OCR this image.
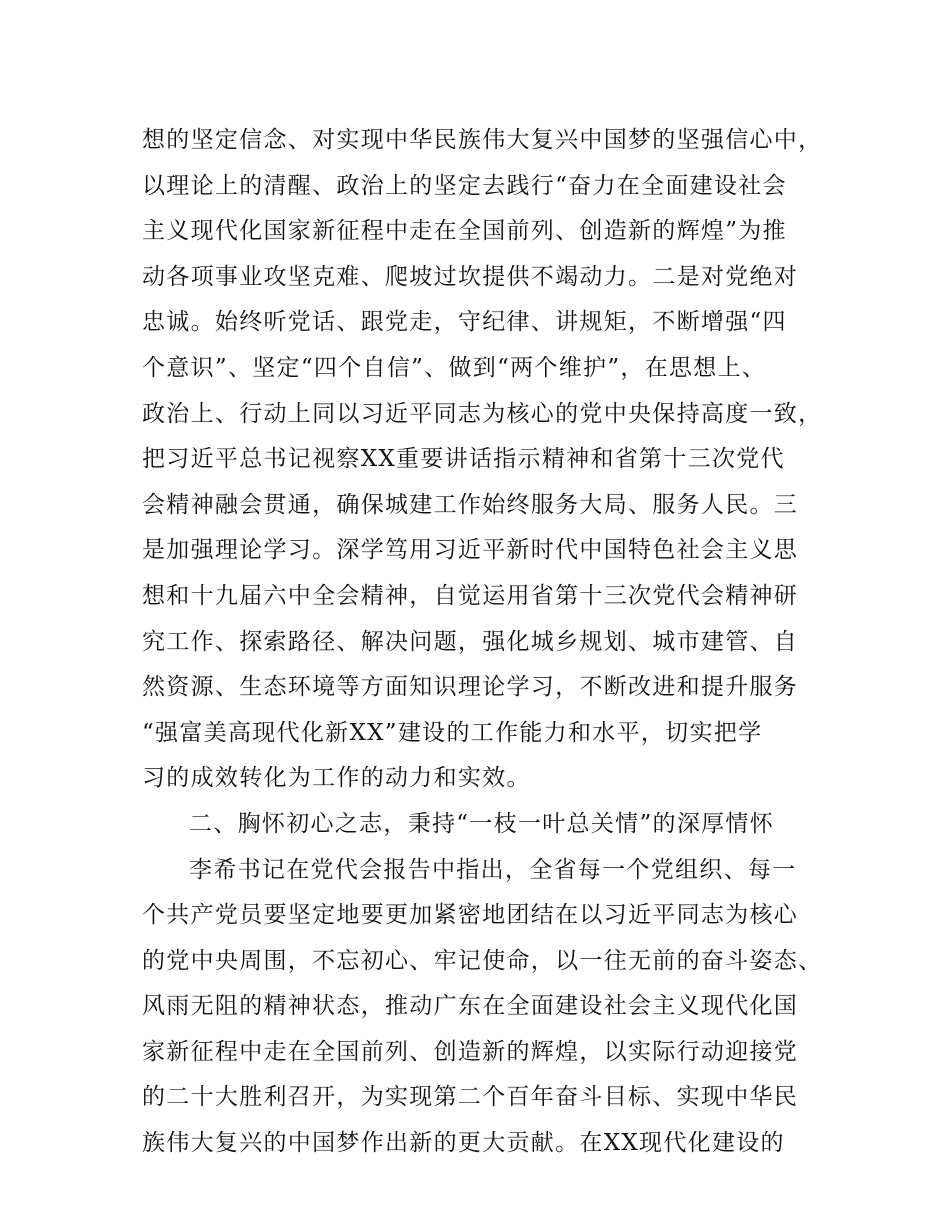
想的坚定信念、对实现中华民族伟大复兴中国梦的坚强信心中，
以理论上的清醒、政治上的坚定去践行“奋力在全面建设社会
主义现代化国家新征程中走在全国前列、创造新的辉煌”为推
动各项事业攻坚克难、爬坡过坎提供不竭动力。二是对党绝对
忠诚。始终听党话、跟党走，守纪律、讲规矩，不断增强“四
个意识”、坚定“四个自信”、做到“两个维护”，在思想上、
政治上、行动上同以习近平同志为核心的党中央保持高度一致，
把习近平总书记视察XX重要讲话指示精神和省第十三次党代
会精神融会贯通，确保城建工作始终服务大局、服务人民。三
是加强理论学习。深学笃用习近平新时代中国特色社会主义思
想和十九届六中全会精神，自觉运用省第十三次党代会精神研
究工作、探索路径、解决问题，强化城乡规划、城市建管、自
然资源、生态环境等方面知识理论学习，不断改进和提升服务
“强富美高现代化新XX”建设的工作能力和水平，切实把学
习的成效转化为工作的动力和实效。
二、胸怀初心之志，秉持“一枝一叶总关情”的深厚情怀
李希书记在党代会报告中指出，全省每一个党组织、每一
个共产党员要坚定地要更加紧密地团结在以习近平同志为核心
的党中央周围，不忘初心、牢记使命，以一往无前的奋斗姿态、
风雨无阻的精神状态，推动广东在全面建设社会主义现代化国
家新征程中走在全国前列、创造新的辉煌，以实际行动迎接党
的二十大胜利召开，为实现第二个百年奋斗目标、实现中华民
族伟大复兴的中国梦作出新的更大贡献。在XX现代化建设的
